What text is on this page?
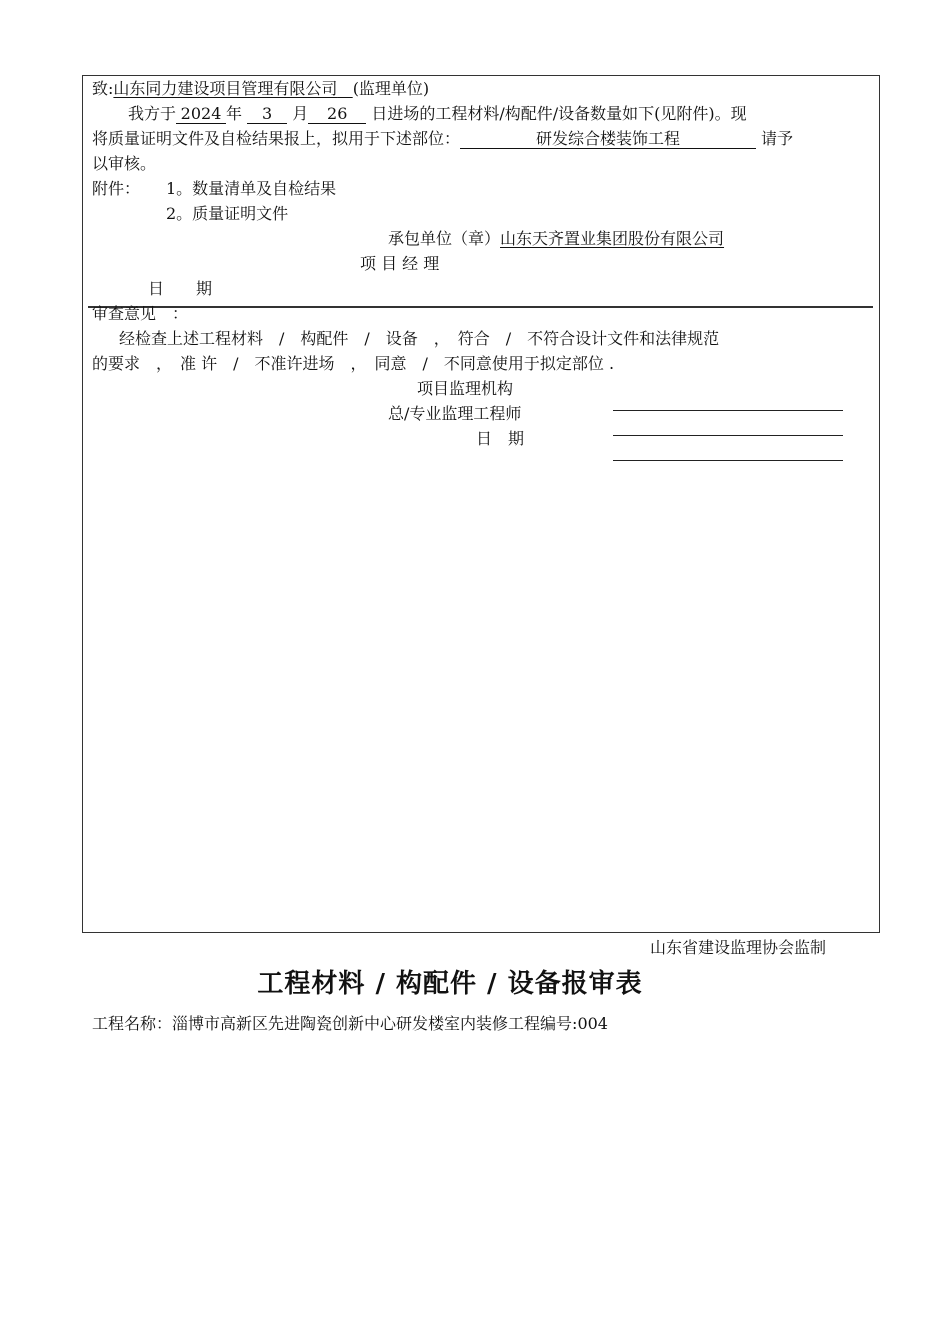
致:山东同力建设项目管理有限公司 (监理单位)
我方于 2024 年 3 月 26 日进场的工程材料/构配件/设备数量如下(见附件)。现
将质量证明文件及自检结果报上，拟用于下述部位：	研发综合楼装饰工程	请予
以审核。
附件： 1。数量清单及自检结果
2。质量证明文件
承包单位（章）山东天齐置业集团股份有限公司
项 目 经 理
日　　期
审查意见　：
经检查上述工程材料　/　构配件　/　设备　，　符合　/　不符合设计文件和法律规范
的要求　，　准 许　/　不准许进场　，　同意　/　不同意使用于拟定部位 .
项目监理机构
总/专业监理工程师
日　期
山东省建设监理协会监制
工程材料 / 构配件 / 设备报审表
工程名称：淄博市高新区先进陶瓷创新中心研发楼室内装修工程编号:004
